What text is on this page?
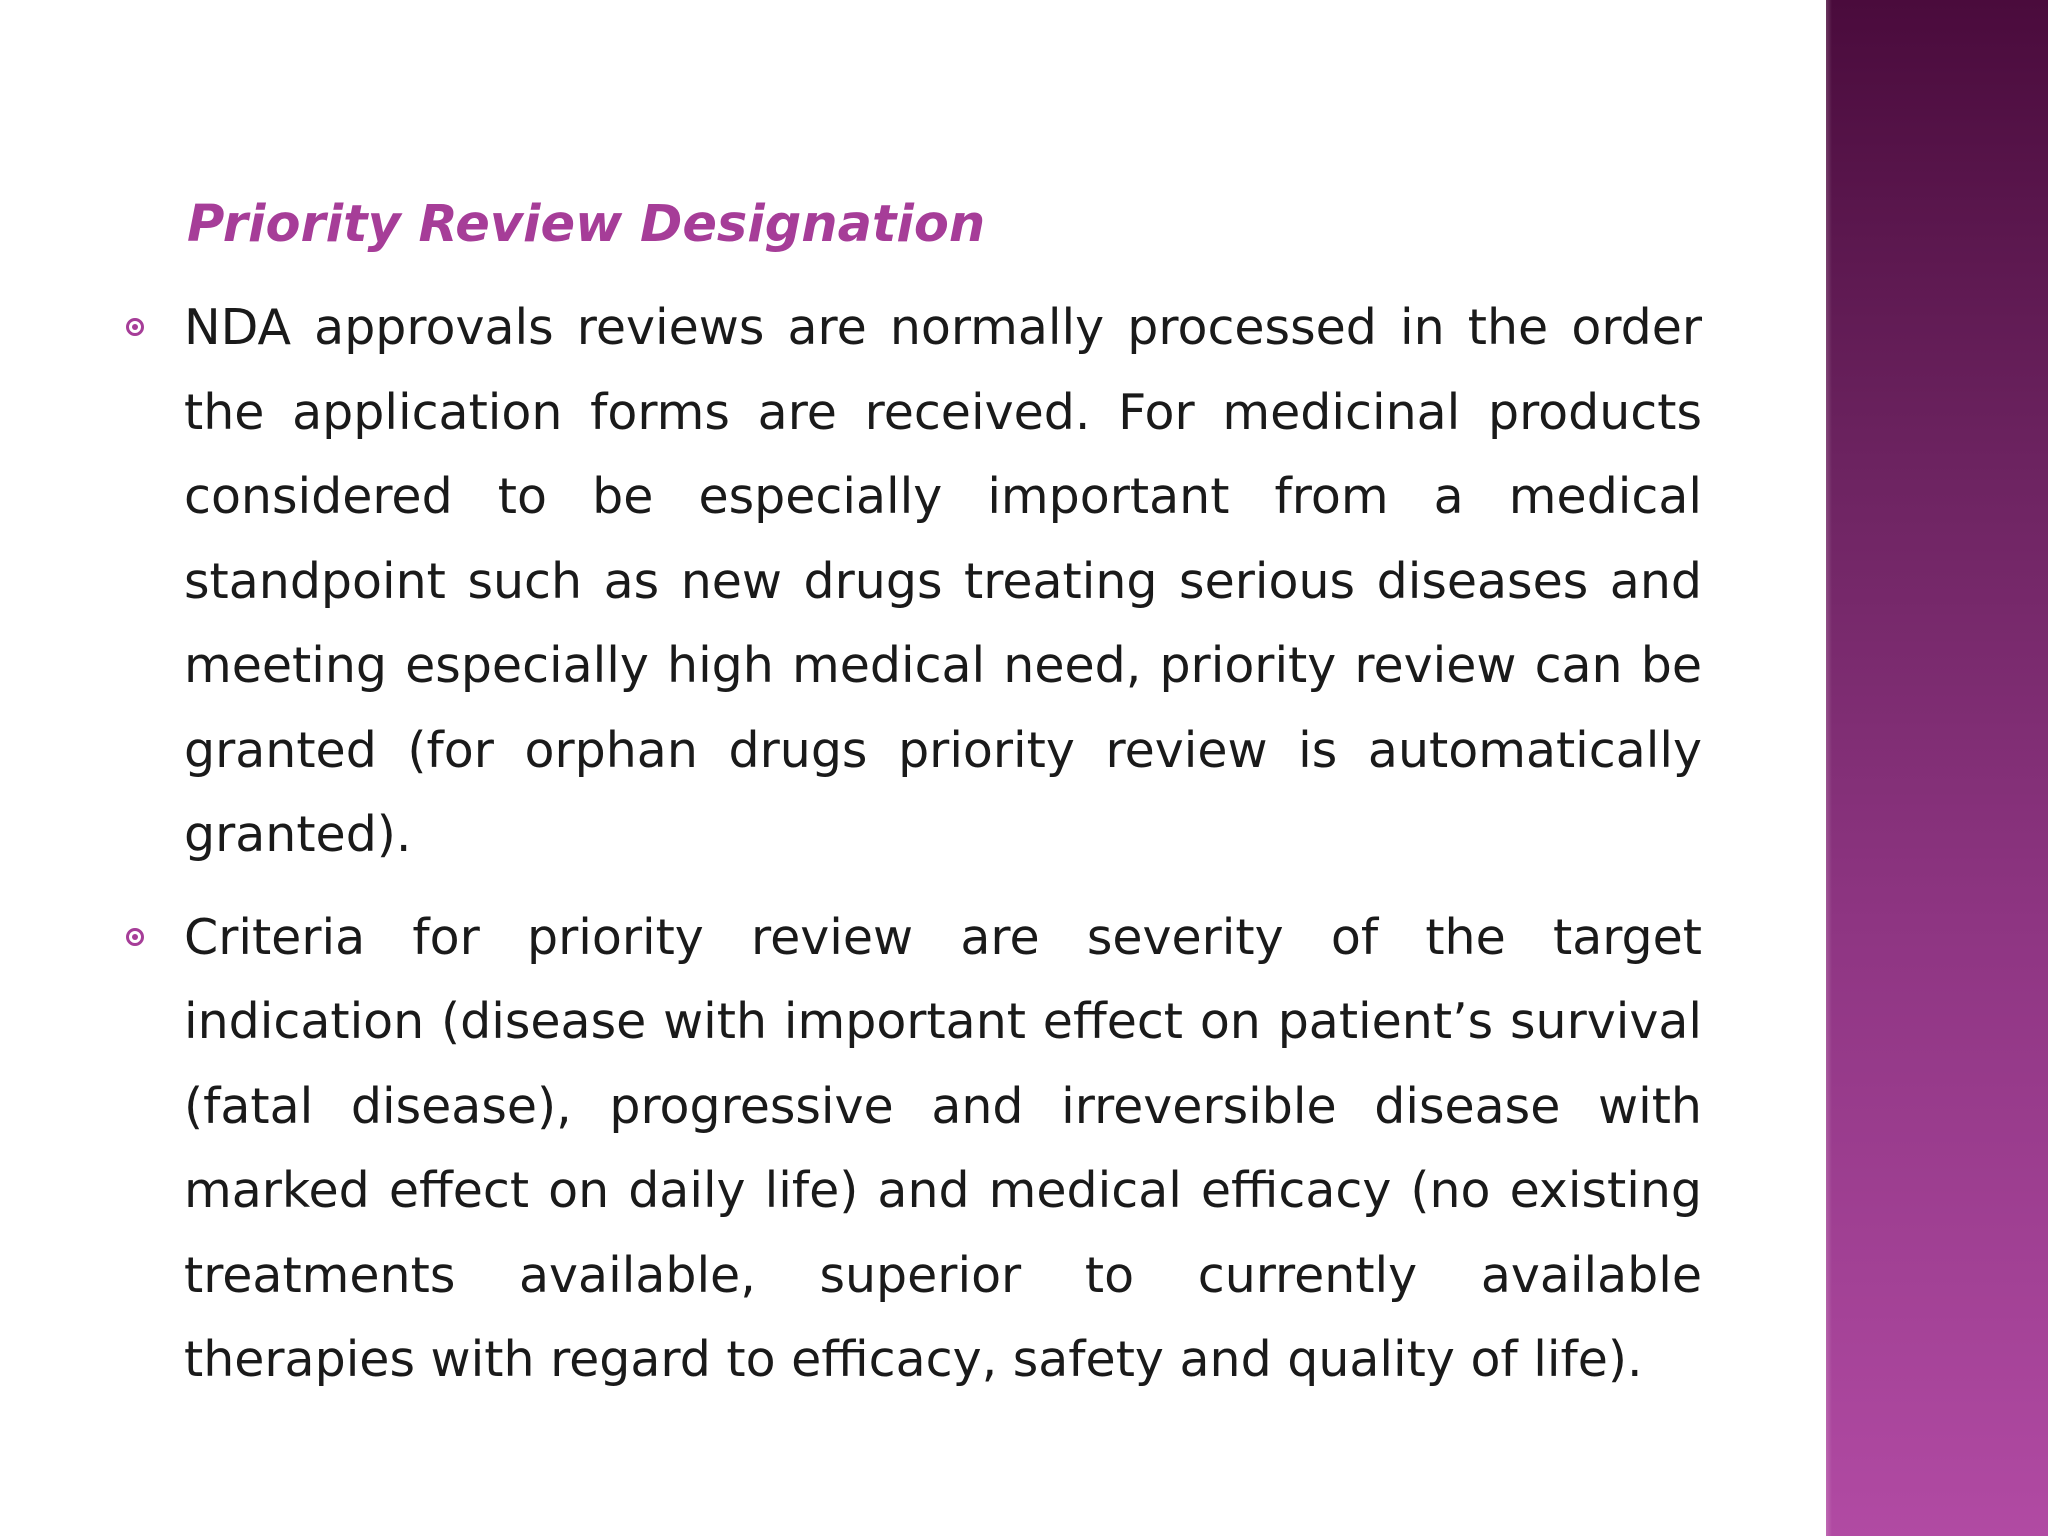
Priority Review Designation

NDA approvals reviews are normally processed in the order the application forms are received. For medicinal products considered to be especially important from a medical standpoint such as new drugs treating serious diseases and meeting especially high medical need, priority review can be granted (for orphan drugs priority review is automatically granted).

Criteria for priority review are severity of the target indication (disease with important effect on patient’s survival (fatal disease), progressive and irreversible disease with marked effect on daily life) and medical efficacy (no existing treatments available, superior to currently available therapies with regard to efficacy, safety and quality of life).
